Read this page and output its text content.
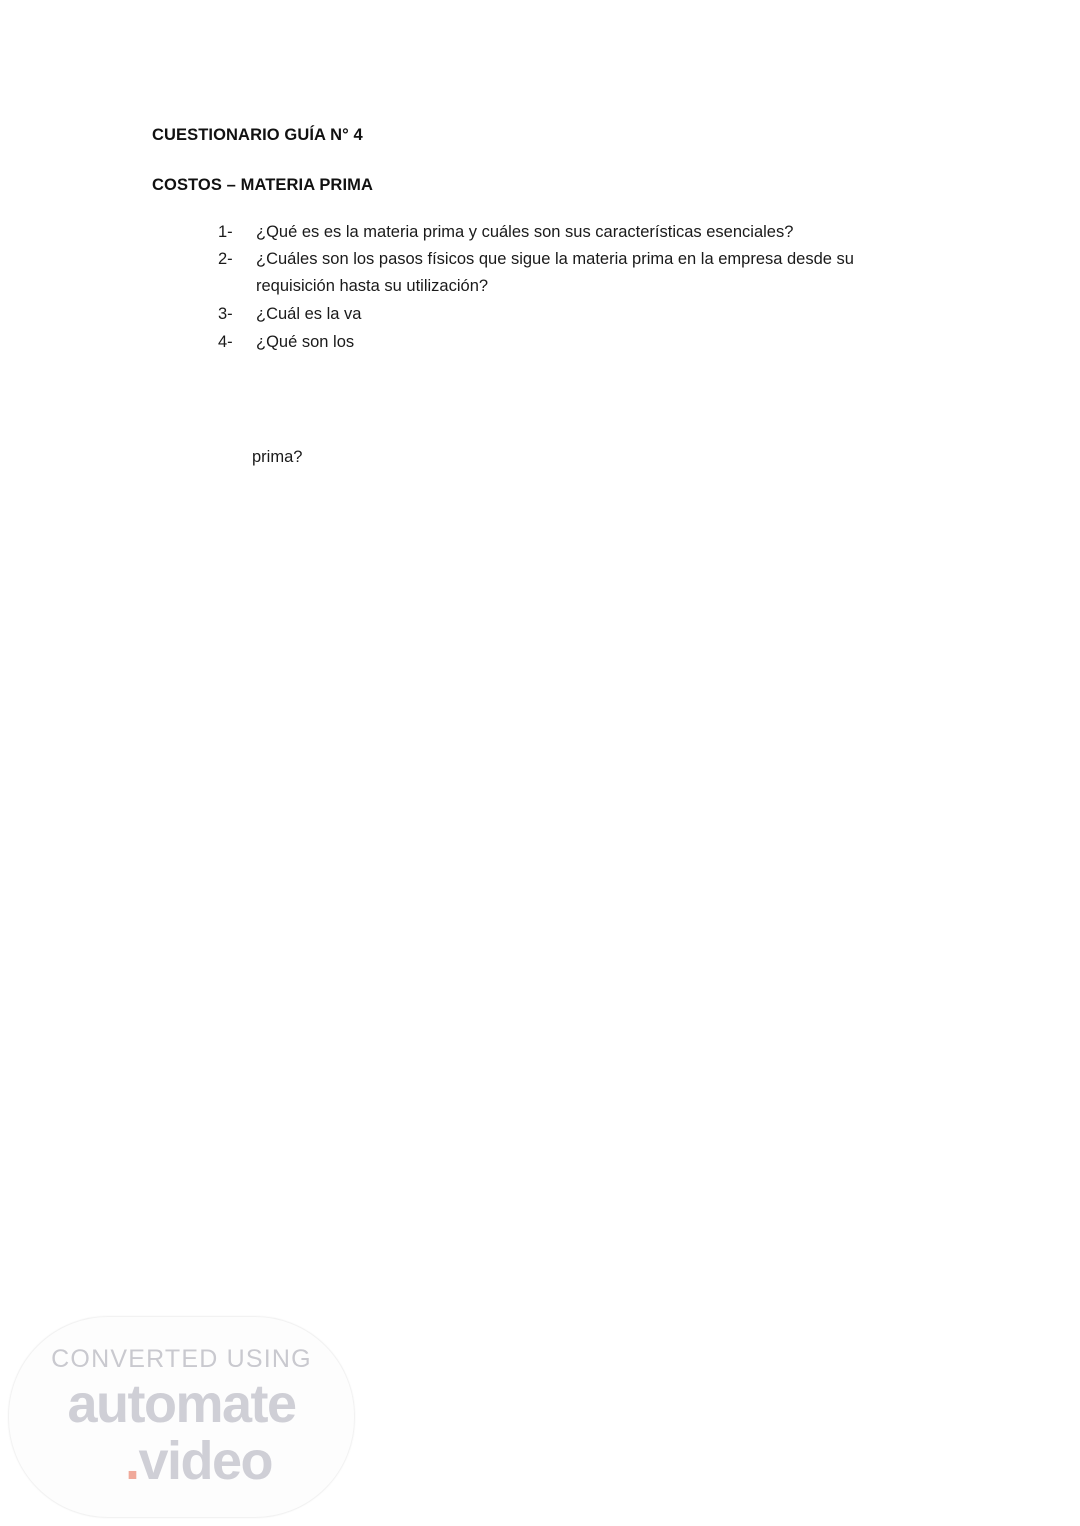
CUESTIONARIO GUÍA N° 4
COSTOS – MATERIA PRIMA
1-	¿Qué es es la materia prima y cuáles son sus características esenciales?
2-	¿Cuáles son los pasos físicos que sigue la materia prima en la empresa desde su requisición hasta su utilización?
3-	¿Cuál es la va
4-	¿Qué son los
prima?
CONVERTED USING
automate
.video
